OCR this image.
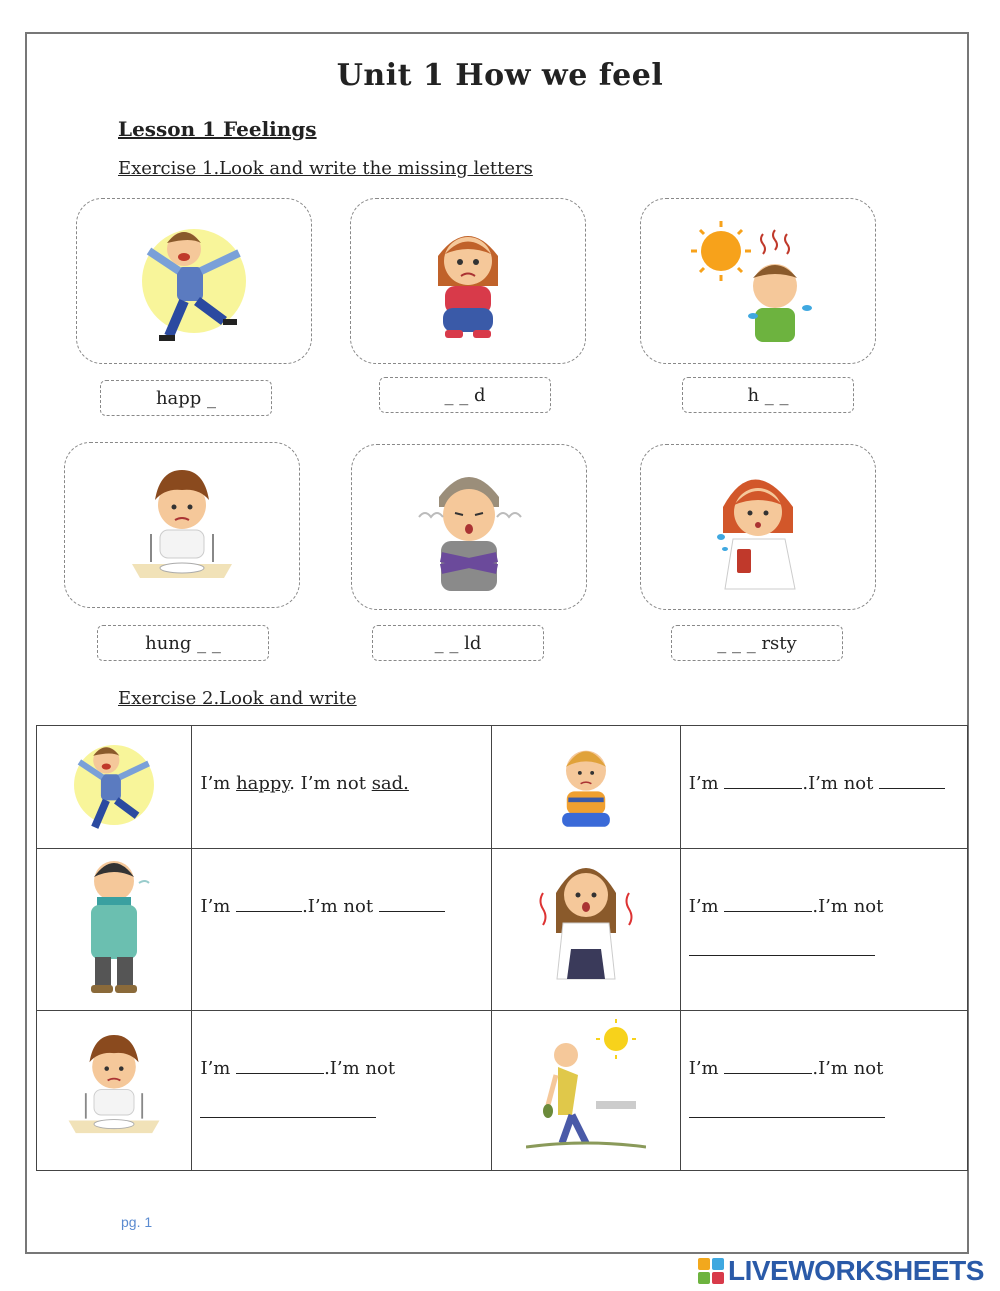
Unit 1 How we feel
Lesson 1 Feelings
Exercise 1.Look and write the missing letters
happ _	_ _ d	h _ _
hung _ _	_ _ ld	_ _ _ rsty
Exercise 2.Look and write

I’m happy. I’m not sad.		I’m .I’m not

I’m .I’m not		I’m .I’m not

I’m .I’m not		I’m .I’m not
pg. 1
LIVEWORKSHEETS
